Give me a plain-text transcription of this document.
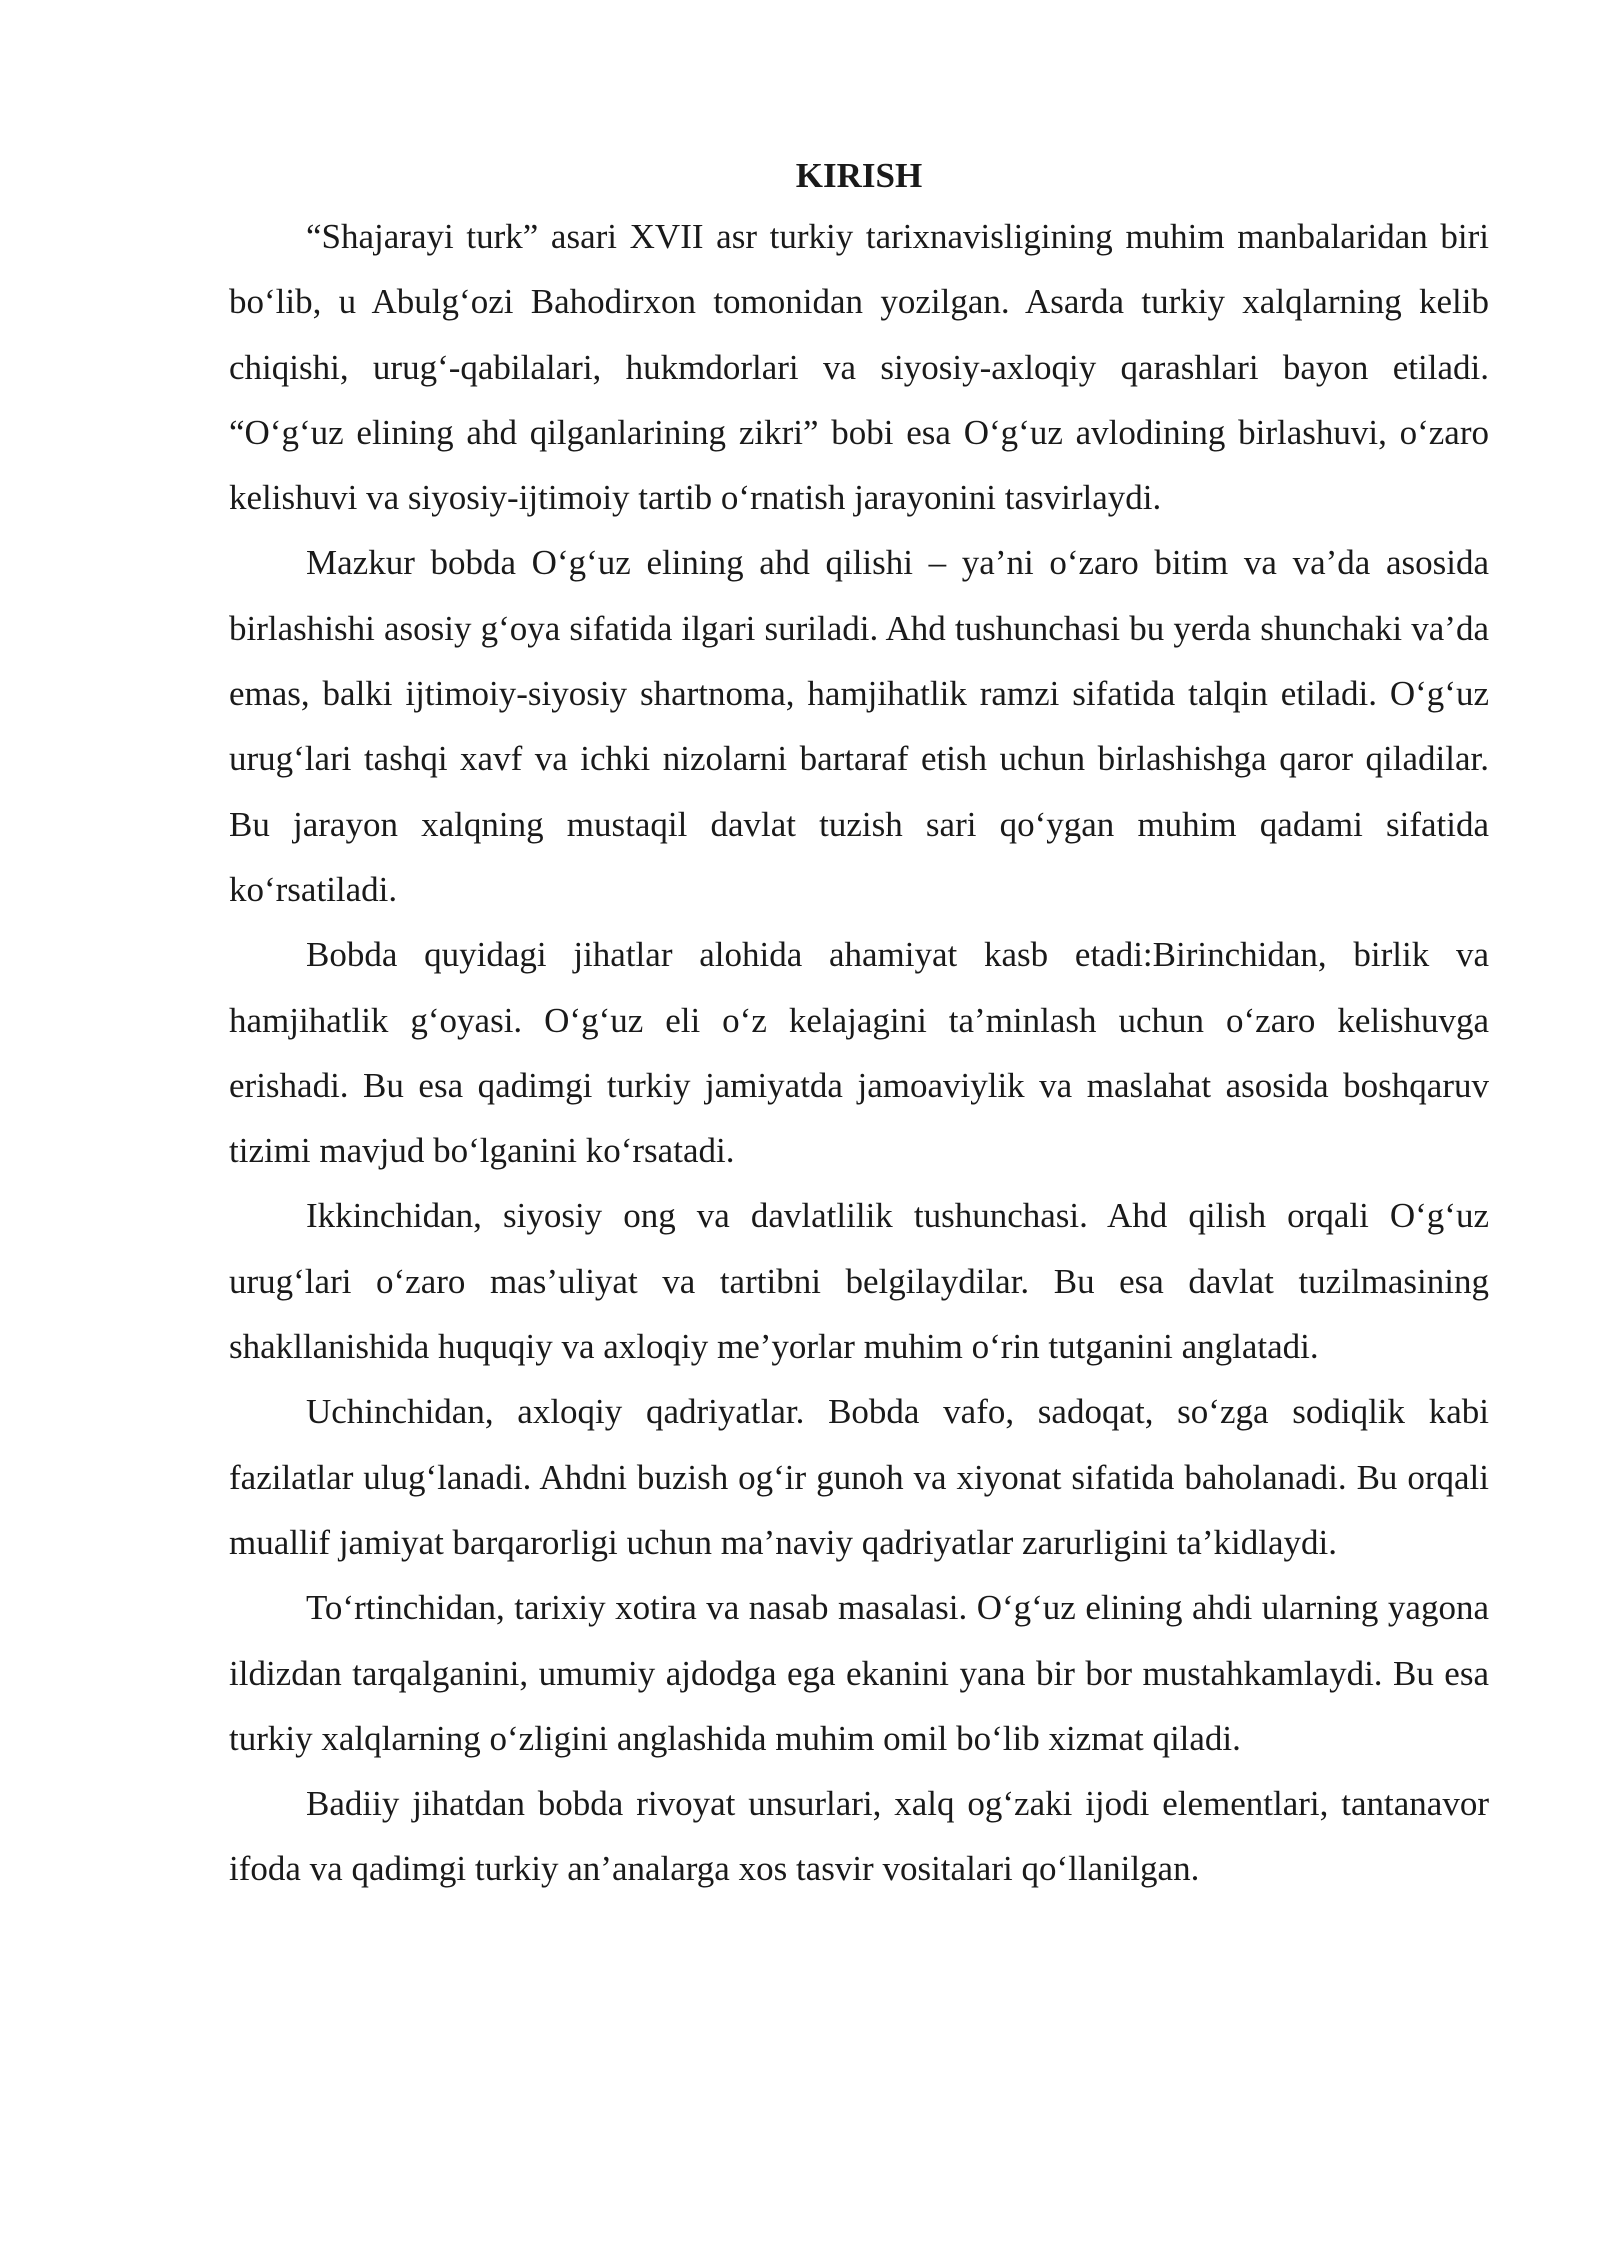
KIRISH

“Shajarayi turk” asari XVII asr turkiy tarixnavisligining muhim manbalaridan biri bo‘lib, u Abulg‘ozi Bahodirxon tomonidan yozilgan. Asarda turkiy xalqlarning kelib chiqishi, urug‘-qabilalari, hukmdorlari va siyosiy-axloqiy qarashlari bayon etiladi. “O‘g‘uz elining ahd qilganlarining zikri” bobi esa O‘g‘uz avlodining birlashuvi, o‘zaro kelishuvi va siyosiy-ijtimoiy tartib o‘rnatish jarayonini tasvirlaydi.

Mazkur bobda O‘g‘uz elining ahd qilishi – ya’ni o‘zaro bitim va va’da asosida birlashishi asosiy g‘oya sifatida ilgari suriladi. Ahd tushunchasi bu yerda shunchaki va’da emas, balki ijtimoiy-siyosiy shartnoma, hamjihatlik ramzi sifatida talqin etiladi. O‘g‘uz urug‘lari tashqi xavf va ichki nizolarni bartaraf etish uchun birlashishga qaror qiladilar. Bu jarayon xalqning mustaqil davlat tuzish sari qo‘ygan muhim qadami sifatida ko‘rsatiladi.

Bobda quyidagi jihatlar alohida ahamiyat kasb etadi:Birinchidan, birlik va hamjihatlik g‘oyasi. O‘g‘uz eli o‘z kelajagini ta’minlash uchun o‘zaro kelishuvga erishadi. Bu esa qadimgi turkiy jamiyatda jamoaviylik va maslahat asosida boshqaruv tizimi mavjud bo‘lganini ko‘rsatadi.

Ikkinchidan, siyosiy ong va davlatlilik tushunchasi. Ahd qilish orqali O‘g‘uz urug‘lari o‘zaro mas’uliyat va tartibni belgilaydilar. Bu esa davlat tuzilmasining shakllanishida huquqiy va axloqiy me’yorlar muhim o‘rin tutganini anglatadi.

Uchinchidan, axloqiy qadriyatlar. Bobda vafo, sadoqat, so‘zga sodiqlik kabi fazilatlar ulug‘lanadi. Ahdni buzish og‘ir gunoh va xiyonat sifatida baholanadi. Bu orqali muallif jamiyat barqarorligi uchun ma’naviy qadriyatlar zarurligini ta’kidlaydi.

To‘rtinchidan, tarixiy xotira va nasab masalasi. O‘g‘uz elining ahdi ularning yagona ildizdan tarqalganini, umumiy ajdodga ega ekanini yana bir bor mustahkamlaydi. Bu esa turkiy xalqlarning o‘zligini anglashida muhim omil bo‘lib xizmat qiladi.

Badiiy jihatdan bobda rivoyat unsurlari, xalq og‘zaki ijodi elementlari, tantanavor ifoda va qadimgi turkiy an’analarga xos tasvir vositalari qo‘llanilgan.
